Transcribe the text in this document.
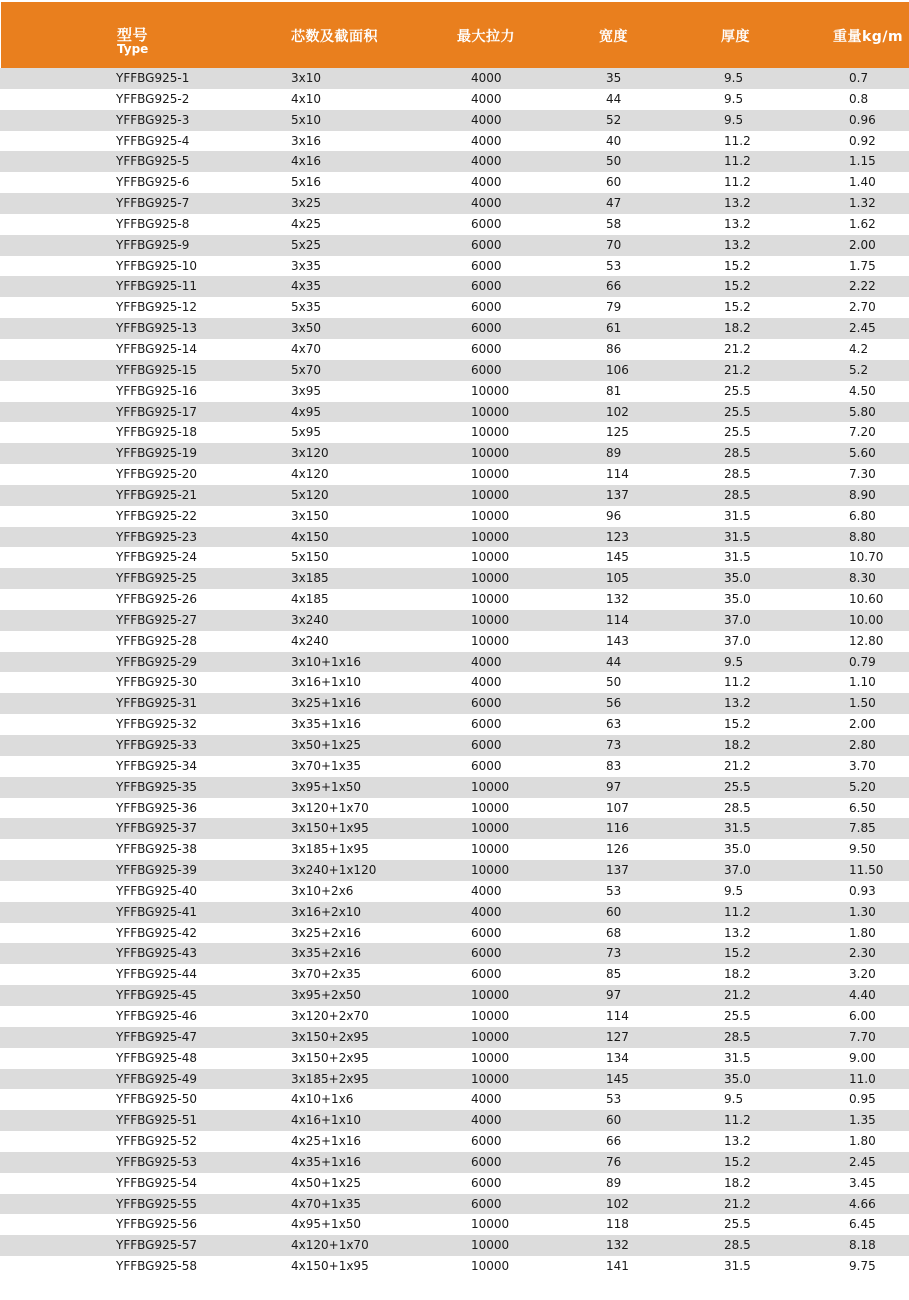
型号
Type
芯数及截面积	最大拉力	宽度	厚度	重量kg/m
YFFBG925-1	3x10	4000	35	9.5	0.7
YFFBG925-2	4x10	4000	44	9.5	0.8
YFFBG925-3	5x10	4000	52	9.5	0.96
YFFBG925-4	3x16	4000	40	11.2	0.92
YFFBG925-5	4x16	4000	50	11.2	1.15
YFFBG925-6	5x16	4000	60	11.2	1.40
YFFBG925-7	3x25	4000	47	13.2	1.32
YFFBG925-8	4x25	6000	58	13.2	1.62
YFFBG925-9	5x25	6000	70	13.2	2.00
YFFBG925-10	3x35	6000	53	15.2	1.75
YFFBG925-11	4x35	6000	66	15.2	2.22
YFFBG925-12	5x35	6000	79	15.2	2.70
YFFBG925-13	3x50	6000	61	18.2	2.45
YFFBG925-14	4x70	6000	86	21.2	4.2
YFFBG925-15	5x70	6000	106	21.2	5.2
YFFBG925-16	3x95	10000	81	25.5	4.50
YFFBG925-17	4x95	10000	102	25.5	5.80
YFFBG925-18	5x95	10000	125	25.5	7.20
YFFBG925-19	3x120	10000	89	28.5	5.60
YFFBG925-20	4x120	10000	114	28.5	7.30
YFFBG925-21	5x120	10000	137	28.5	8.90
YFFBG925-22	3x150	10000	96	31.5	6.80
YFFBG925-23	4x150	10000	123	31.5	8.80
YFFBG925-24	5x150	10000	145	31.5	10.70
YFFBG925-25	3x185	10000	105	35.0	8.30
YFFBG925-26	4x185	10000	132	35.0	10.60
YFFBG925-27	3x240	10000	114	37.0	10.00
YFFBG925-28	4x240	10000	143	37.0	12.80
YFFBG925-29	3x10+1x16	4000	44	9.5	0.79
YFFBG925-30	3x16+1x10	4000	50	11.2	1.10
YFFBG925-31	3x25+1x16	6000	56	13.2	1.50
YFFBG925-32	3x35+1x16	6000	63	15.2	2.00
YFFBG925-33	3x50+1x25	6000	73	18.2	2.80
YFFBG925-34	3x70+1x35	6000	83	21.2	3.70
YFFBG925-35	3x95+1x50	10000	97	25.5	5.20
YFFBG925-36	3x120+1x70	10000	107	28.5	6.50
YFFBG925-37	3x150+1x95	10000	116	31.5	7.85
YFFBG925-38	3x185+1x95	10000	126	35.0	9.50
YFFBG925-39	3x240+1x120	10000	137	37.0	11.50
YFFBG925-40	3x10+2x6	4000	53	9.5	0.93
YFFBG925-41	3x16+2x10	4000	60	11.2	1.30
YFFBG925-42	3x25+2x16	6000	68	13.2	1.80
YFFBG925-43	3x35+2x16	6000	73	15.2	2.30
YFFBG925-44	3x70+2x35	6000	85	18.2	3.20
YFFBG925-45	3x95+2x50	10000	97	21.2	4.40
YFFBG925-46	3x120+2x70	10000	114	25.5	6.00
YFFBG925-47	3x150+2x95	10000	127	28.5	7.70
YFFBG925-48	3x150+2x95	10000	134	31.5	9.00
YFFBG925-49	3x185+2x95	10000	145	35.0	11.0
YFFBG925-50	4x10+1x6	4000	53	9.5	0.95
YFFBG925-51	4x16+1x10	4000	60	11.2	1.35
YFFBG925-52	4x25+1x16	6000	66	13.2	1.80
YFFBG925-53	4x35+1x16	6000	76	15.2	2.45
YFFBG925-54	4x50+1x25	6000	89	18.2	3.45
YFFBG925-55	4x70+1x35	6000	102	21.2	4.66
YFFBG925-56	4x95+1x50	10000	118	25.5	6.45
YFFBG925-57	4x120+1x70	10000	132	28.5	8.18
YFFBG925-58	4x150+1x95	10000	141	31.5	9.75
